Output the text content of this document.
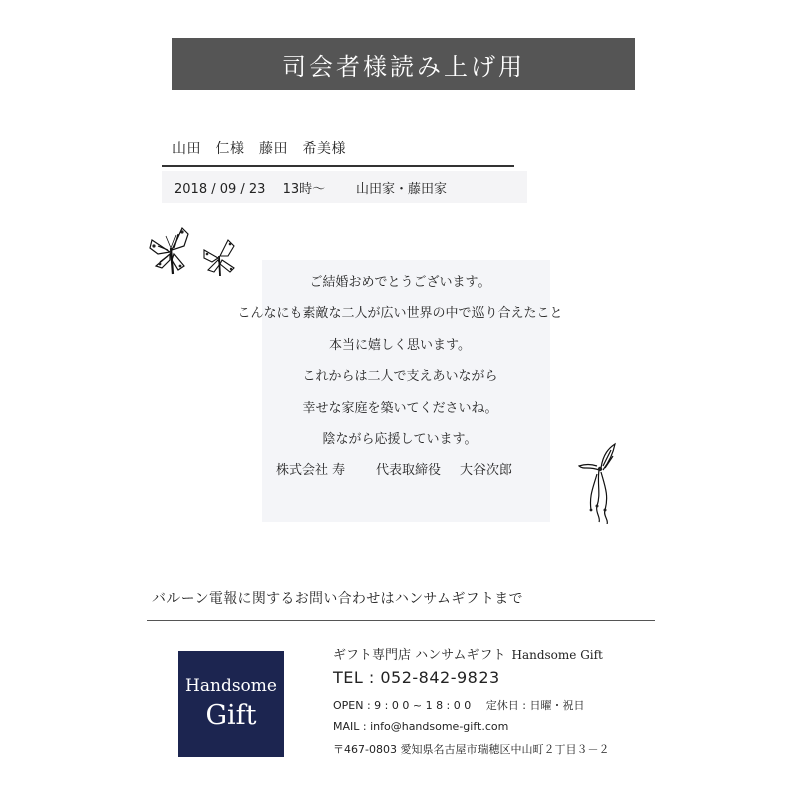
司会者様読み上げ用
山田　仁様　藤田　希美様
2018 / 09 / 23　 13時～ 山田家・藤田家
ご結婚おめでとうございます。
こんなにも素敵な二人が広い世界の中で巡り合えたこと
本当に嬉しく思います。
これからは二人で支えあいながら
幸せな家庭を築いてくださいね。
陰ながら応援しています。
株式会社 寿 代表取締役 大谷次郎
バルーン電報に関するお問い合わせはハンサムギフトまで
Handsome
Gift
ギフト専門店 ハンサムギフト Handsome Gift
TEL : 052-842-9823
OPEN : 9 : 0 0 ~ 1 8 : 0 0　 定休日 : 日曜・祝日
MAIL : info@handsome-gift.com
〒467-0803 愛知県名古屋市瑞穂区中山町２丁目３－２
